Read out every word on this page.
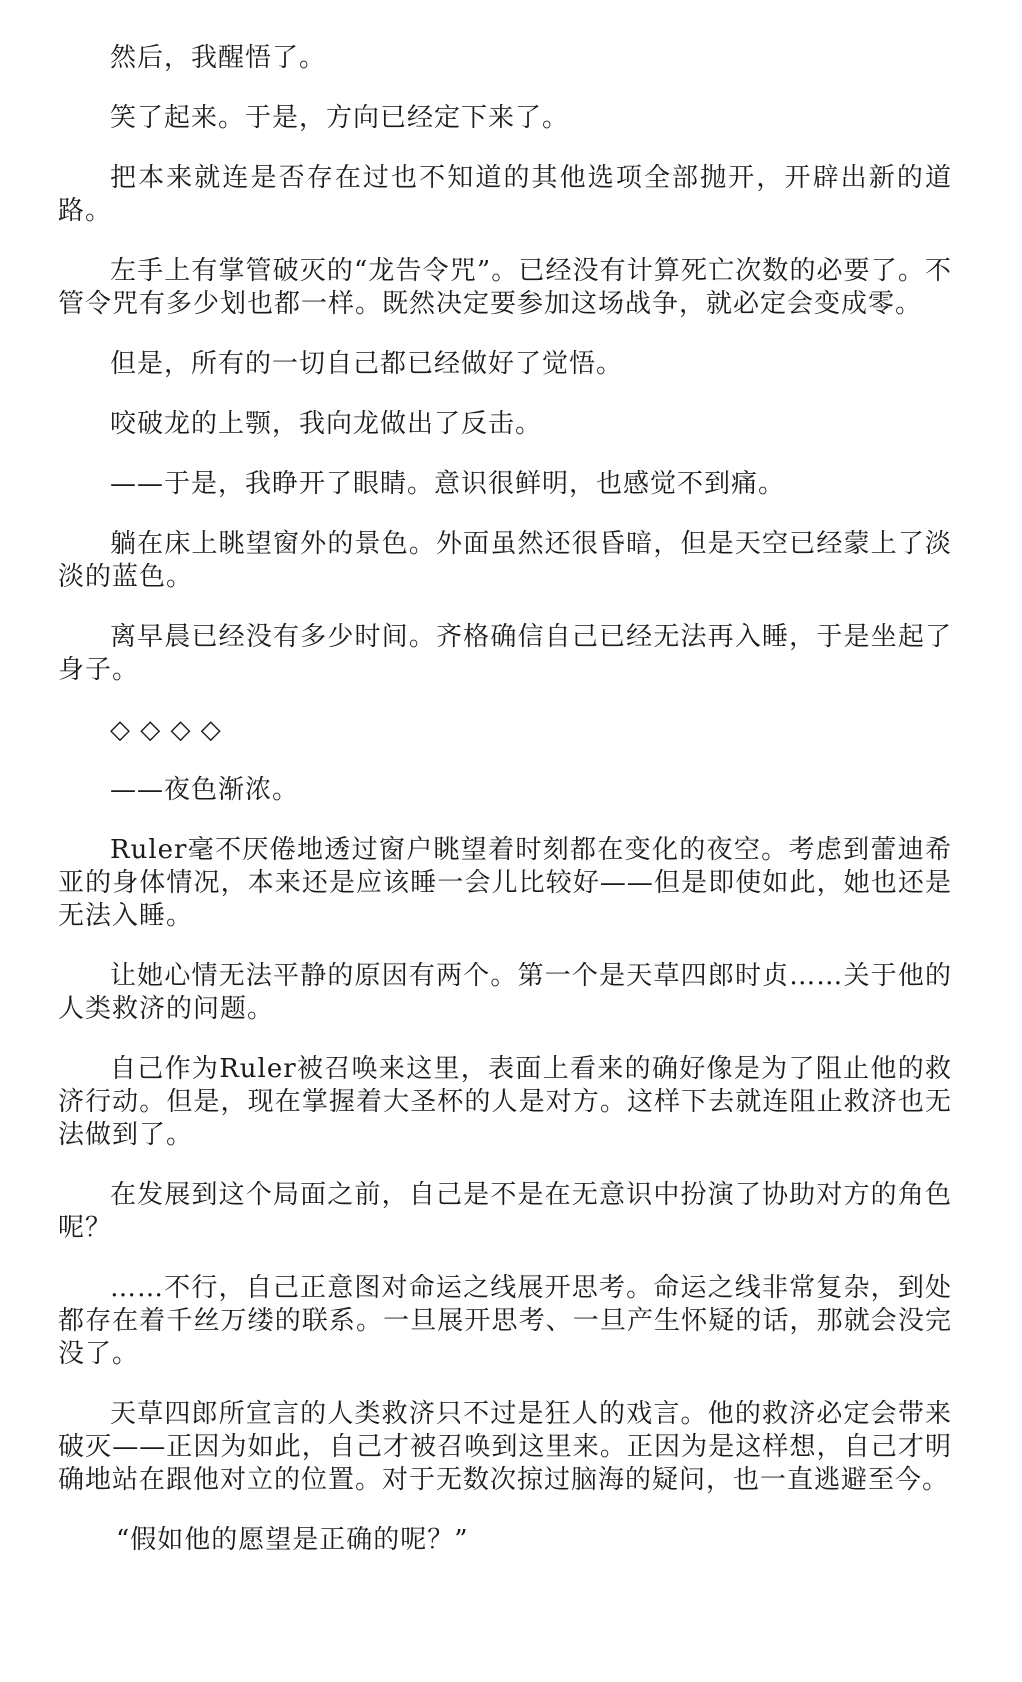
然后，我醒悟了。

笑了起来。于是，方向已经定下来了。

把本来就连是否存在过也不知道的其他选项全部抛开，开辟出新的道路。

左手上有掌管破灭的“龙告令咒”。已经没有计算死亡次数的必要了。不管令咒有多少划也都一样。既然决定要参加这场战争，就必定会变成零。

但是，所有的一切自己都已经做好了觉悟。

咬破龙的上颚，我向龙做出了反击。

——于是，我睁开了眼睛。意识很鲜明，也感觉不到痛。

躺在床上眺望窗外的景色。外面虽然还很昏暗，但是天空已经蒙上了淡淡的蓝色。

离早晨已经没有多少时间。齐格确信自己已经无法再入睡，于是坐起了身子。

◇ ◇ ◇ ◇

——夜色渐浓。

Ruler毫不厌倦地透过窗户眺望着时刻都在变化的夜空。考虑到蕾迪希亚的身体情况，本来还是应该睡一会儿比较好——但是即使如此，她也还是无法入睡。

让她心情无法平静的原因有两个。第一个是天草四郎时贞……关于他的人类救济的问题。

自己作为Ruler被召唤来这里，表面上看来的确好像是为了阻止他的救济行动。但是，现在掌握着大圣杯的人是对方。这样下去就连阻止救济也无法做到了。

在发展到这个局面之前，自己是不是在无意识中扮演了协助对方的角色呢？

……不行，自己正意图对命运之线展开思考。命运之线非常复杂，到处都存在着千丝万缕的联系。一旦展开思考、一旦产生怀疑的话，那就会没完没了。

天草四郎所宣言的人类救济只不过是狂人的戏言。他的救济必定会带来破灭——正因为如此，自己才被召唤到这里来。正因为是这样想，自己才明确地站在跟他对立的位置。对于无数次掠过脑海的疑问，也一直逃避至今。

“假如他的愿望是正确的呢？”
